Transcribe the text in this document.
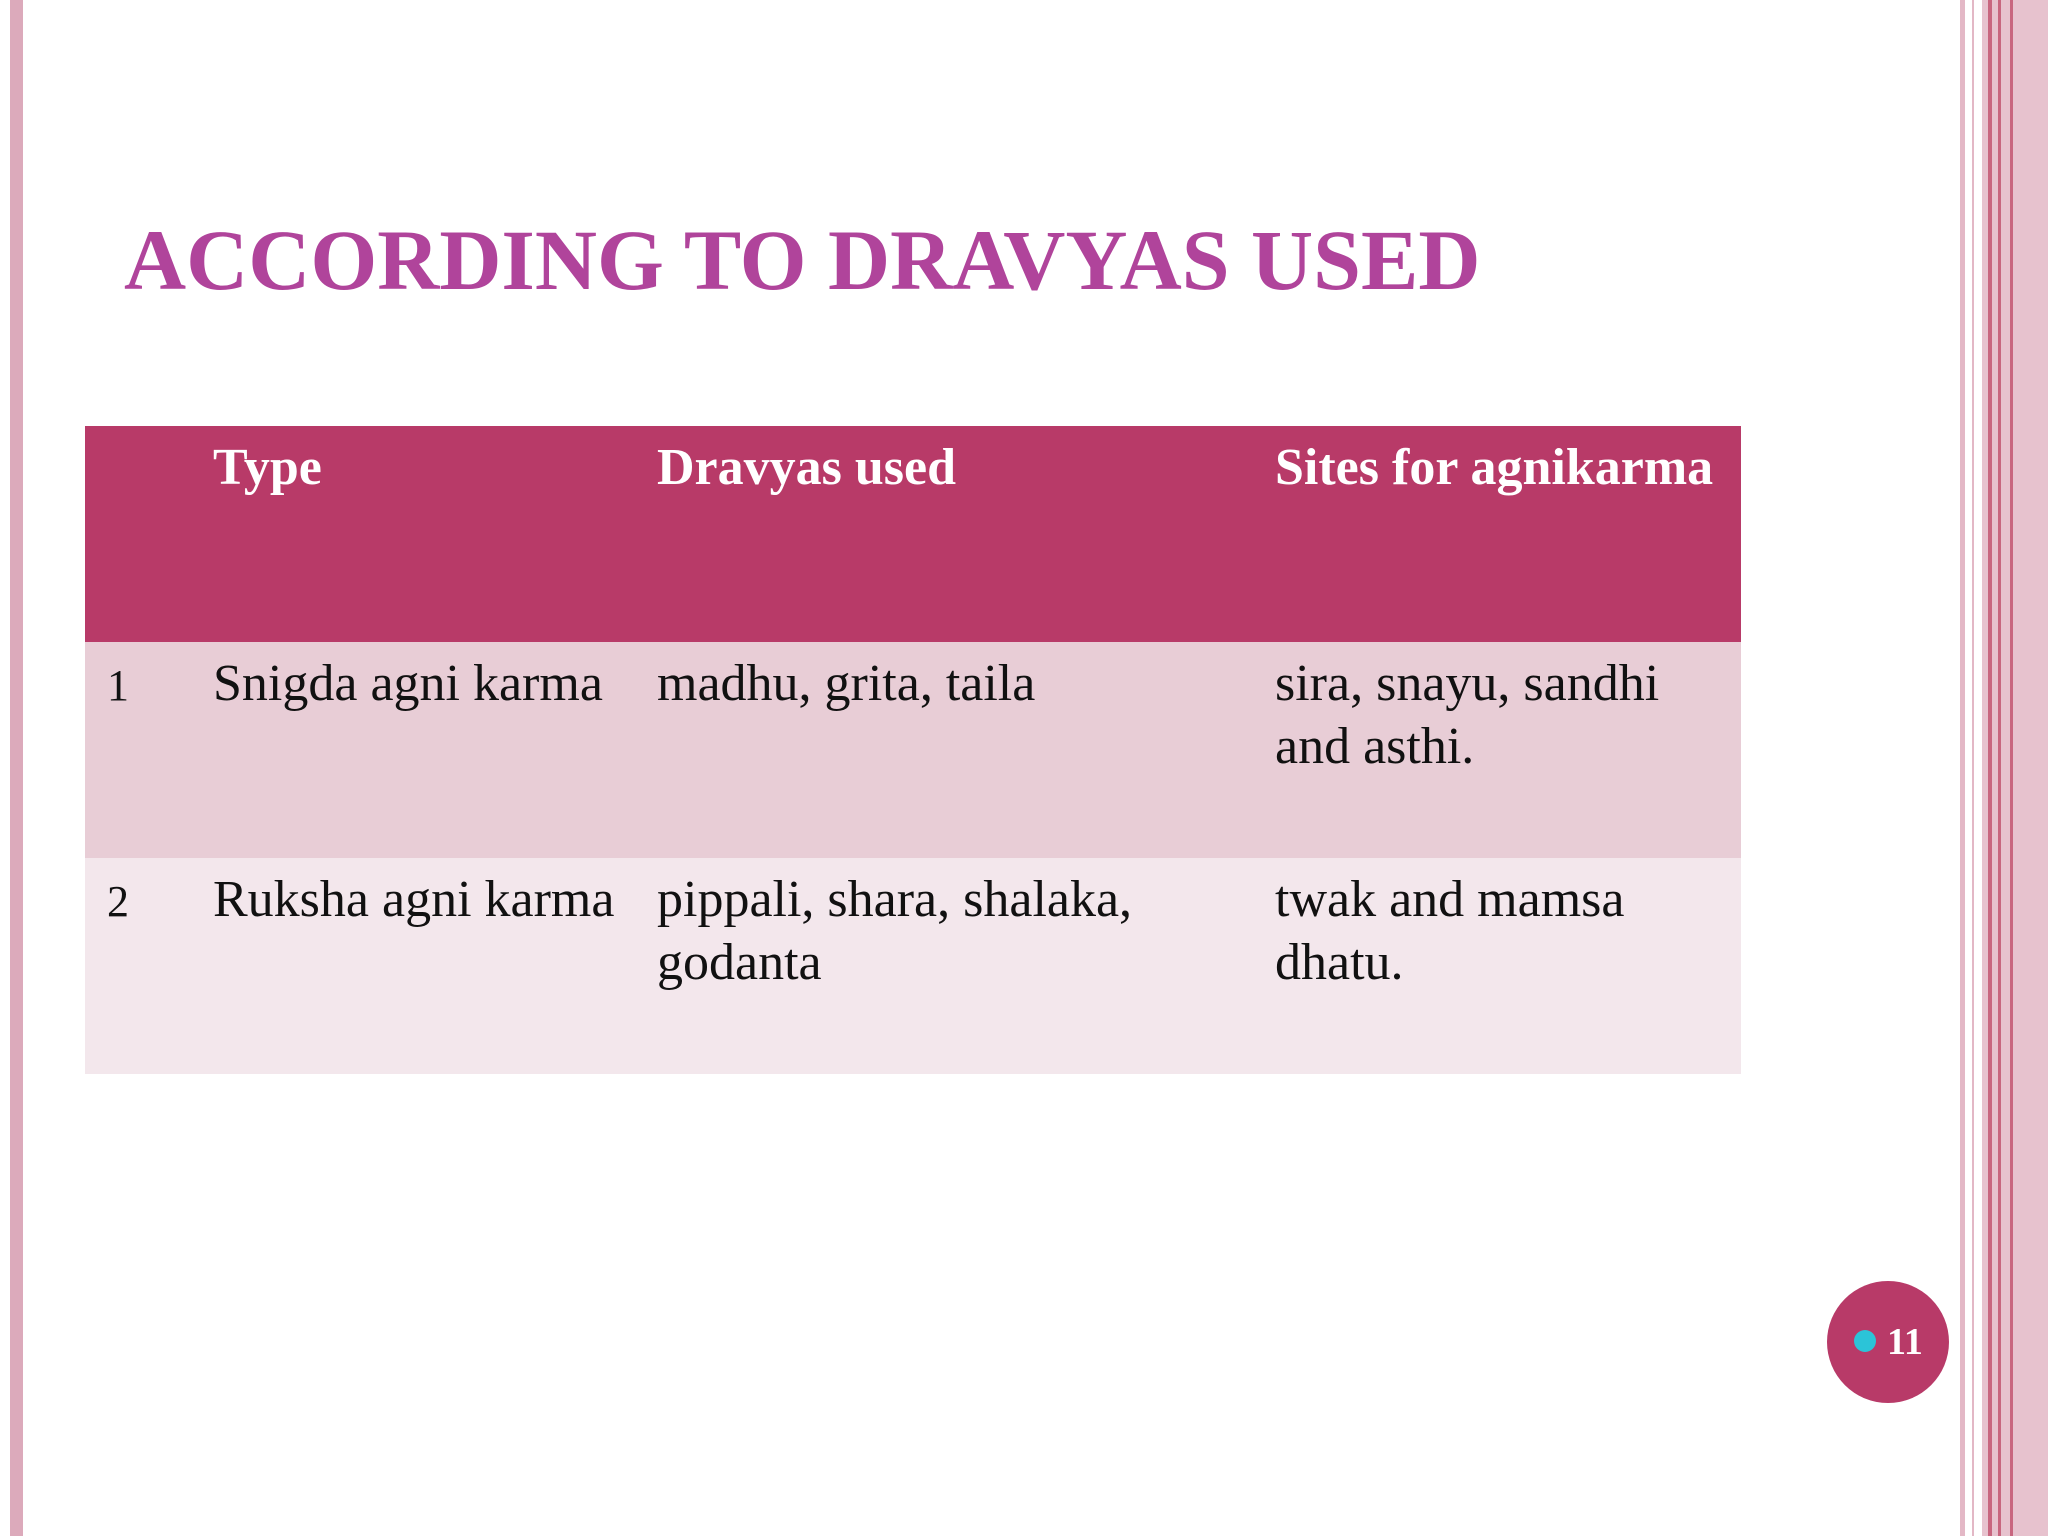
ACCORDING TO DRAVYAS USED
	Type	Dravyas used	Sites for agnikarma
1	Snigda agni karma	madhu, grita, taila	sira, snayu, sandhi and asthi.
2	Ruksha agni karma	pippali, shara, shalaka, godanta	twak and mamsa dhatu.
11
